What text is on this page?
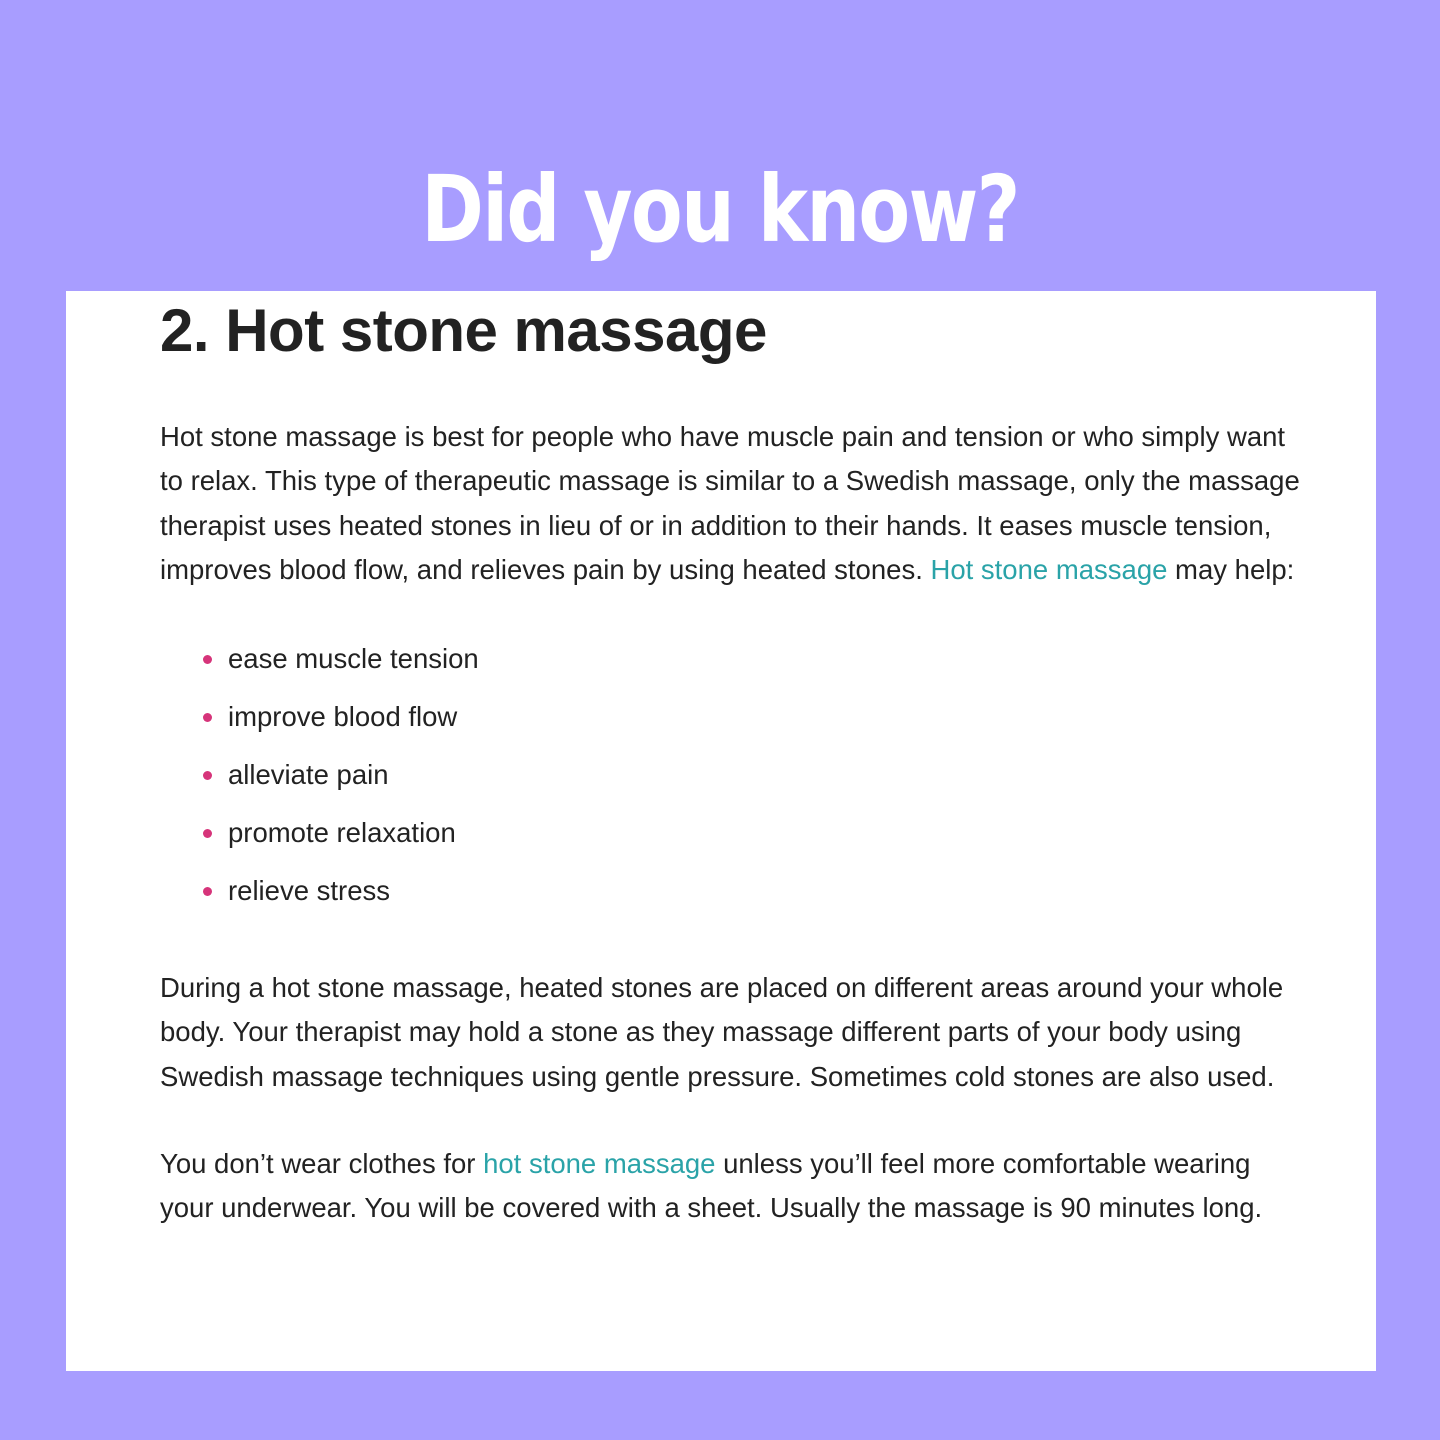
Did you know?
2. Hot stone massage

Hot stone massage is best for people who have muscle pain and tension or who simply want to relax. This type of therapeutic massage is similar to a Swedish massage, only the massage therapist uses heated stones in lieu of or in addition to their hands. It eases muscle tension, improves blood flow, and relieves pain by using heated stones. Hot stone massage may help:

ease muscle tension
improve blood flow
alleviate pain
promote relaxation
relieve stress

During a hot stone massage, heated stones are placed on different areas around your whole body. Your therapist may hold a stone as they massage different parts of your body using Swedish massage techniques using gentle pressure. Sometimes cold stones are also used.

You don’t wear clothes for hot stone massage unless you’ll feel more comfortable wearing your underwear. You will be covered with a sheet. Usually the massage is 90 minutes long.
